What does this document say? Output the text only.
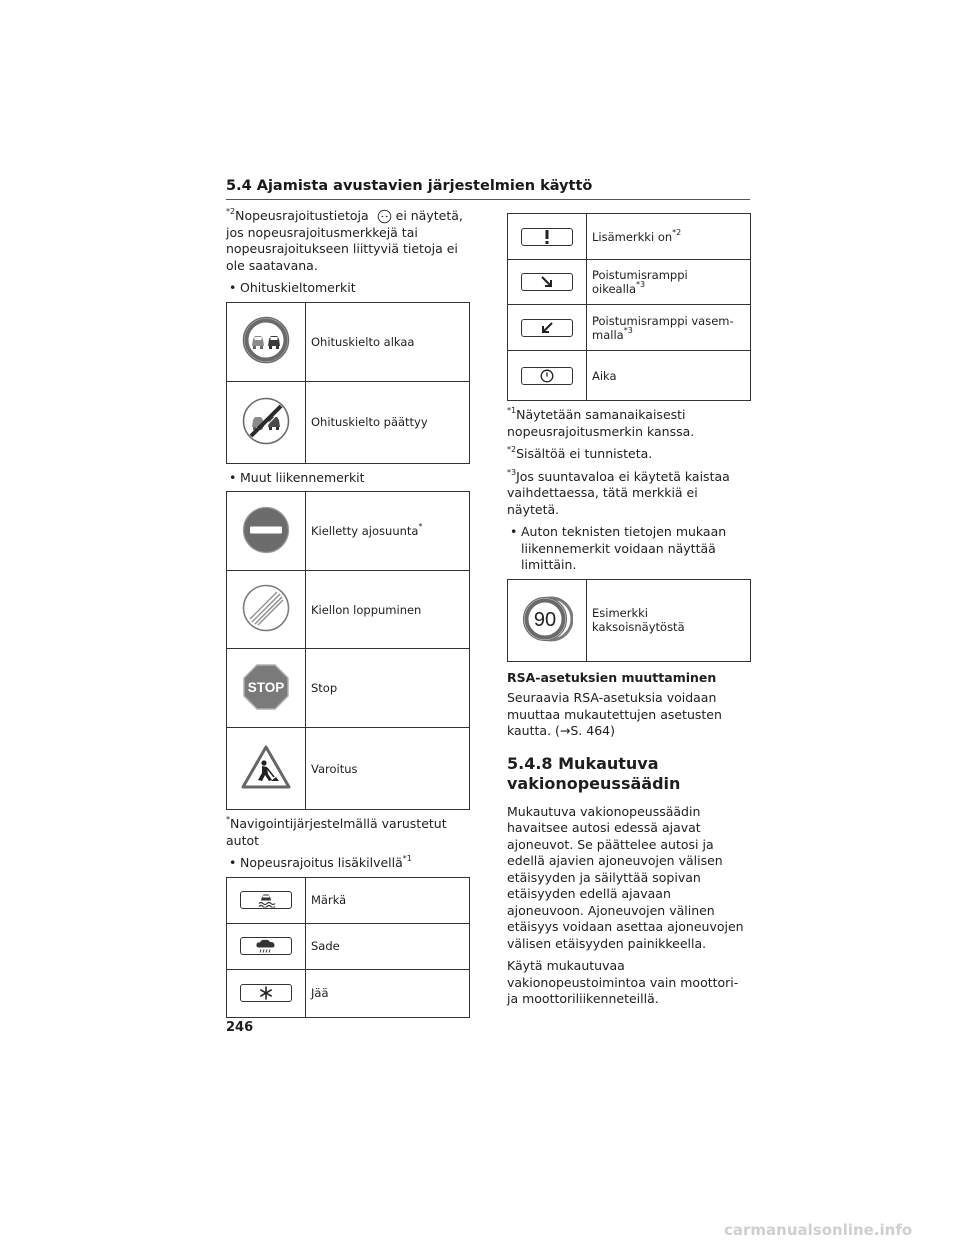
5.4 Ajamista avustavien järjestelmien käyttö

$^{*2}$Nopeusrajoitustietoja ei näytetä, jos nopeusrajoitusmerkkejä tai nopeusrajoitukseen liittyviä tietoja ei ole saatavana.

• Ohituskieltomerkit
	Ohituskielto alkaa
	Ohituskielto päättyy
• Muut liikennemerkit
	Kielletty ajosuunta*
	Kiellon loppuminen

STOP	Stop
	Varoitus

*Navigointijärjestelmällä varustetut autot

• Nopeusrajoitus lisäkilvellä$^{*1}$
	Märkä

	Sade

	Jää
	Lisämerkki $on^{*2}$

	Poistumisramppi oikealla$^{*3}$

	Poistumisramppi vasem-malla$^{*3}$

	Aika

$^{*1}$Näytetään samanaikaisesti nopeusrajoitusmerkin kanssa.

$^{*2}$Sisältöä ei tunnisteta.

$^{*3}$Jos suuntavaloa ei käytetä kaistaa vaihdettaessa, tätä merkkiä ei näytetä.

• Auton teknisten tietojen mukaan liikennemerkit voidaan näyttää limittäin.
90	Esimerkki kaksoisnäytöstä
RSA-asetuksien muuttaminen

Seuraavia RSA-asetuksia voidaan muuttaa mukautettujen asetusten kautta. (→S. 464)

5.4.8 Mukautuva vakionopeussäädin

Mukautuva vakionopeussäädin havaitsee autosi edessä ajavat ajoneuvot. Se päättelee autosi ja edellä ajavien ajoneuvojen välisen etäisyyden ja säilyttää sopivan etäisyyden edellä ajavaan ajoneuvoon. Ajoneuvojen välinen etäisyys voidaan asettaa ajoneuvojen välisen etäisyyden painikkeella.

Käytä mukautuvaa vakionopeustoimintoa vain moottori- ja moottoriliikenneteillä.

246
carmanualsonline.info
